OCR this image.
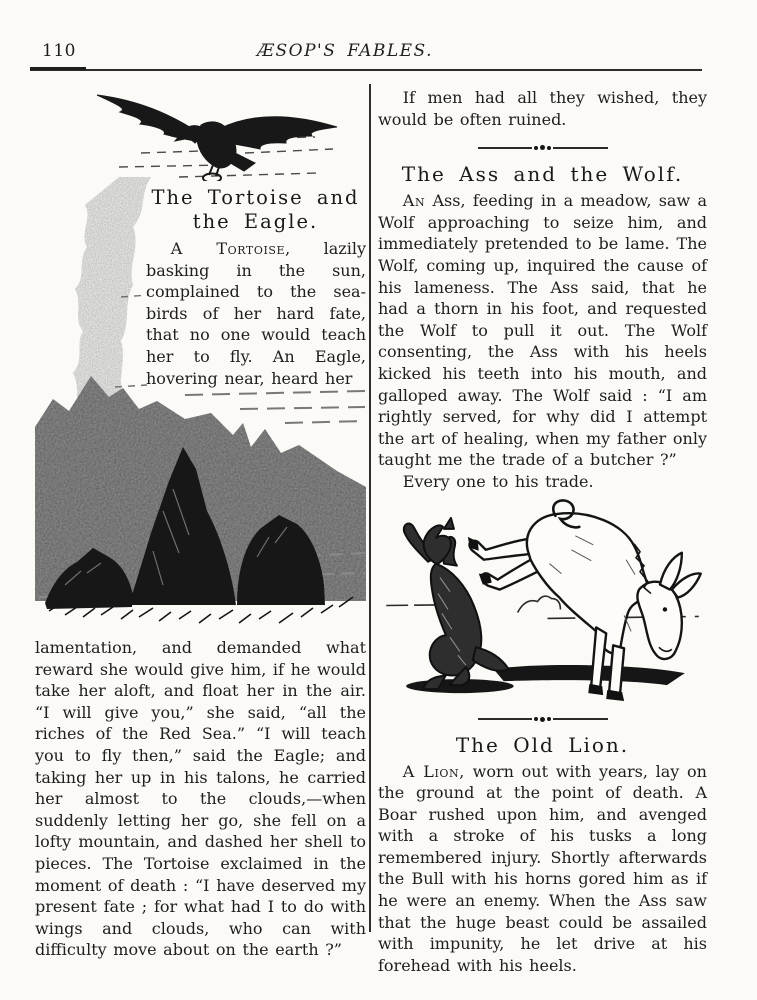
110	ÆSOP'S FABLES.
The Tortoise and
the Eagle.

A Tortoise, lazily basking in the sun, complained to the sea-birds of her hard fate, that no one would teach her to fly. An Eagle, hovering near, heard her

lamentation, and demanded what reward she would give him, if he would take her aloft, and float her in the air. “I will give you,” she said, “all the riches of the Red Sea.” “I will teach you to fly then,” said the Eagle; and taking her up in his talons, he carried her almost to the clouds,—when suddenly letting her go, she fell on a lofty mountain, and dashed her shell to pieces. The Tortoise exclaimed in the moment of death : “I have deserved my present fate ; for what had I to do with wings and clouds, who can with difficulty move about on the earth ?”

If men had all they wished, they would be often ruined.

The Ass and the Wolf.

An Ass, feeding in a meadow, saw a Wolf approaching to seize him, and immediately pretended to be lame. The Wolf, coming up, inquired the cause of his lameness. The Ass said, that he had a thorn in his foot, and requested the Wolf to pull it out. The Wolf consenting, the Ass with his heels kicked his teeth into his mouth, and galloped away. The Wolf said : “I am rightly served, for why did I attempt the art of healing, when my father only taught me the trade of a butcher ?”

Every one to his trade.

The Old Lion.

A Lion, worn out with years, lay on the ground at the point of death. A Boar rushed upon him, and avenged with a stroke of his tusks a long remembered injury. Shortly afterwards the Bull with his horns gored him as if he were an enemy. When the Ass saw that the huge beast could be assailed with impunity, he let drive at his forehead with his heels.
